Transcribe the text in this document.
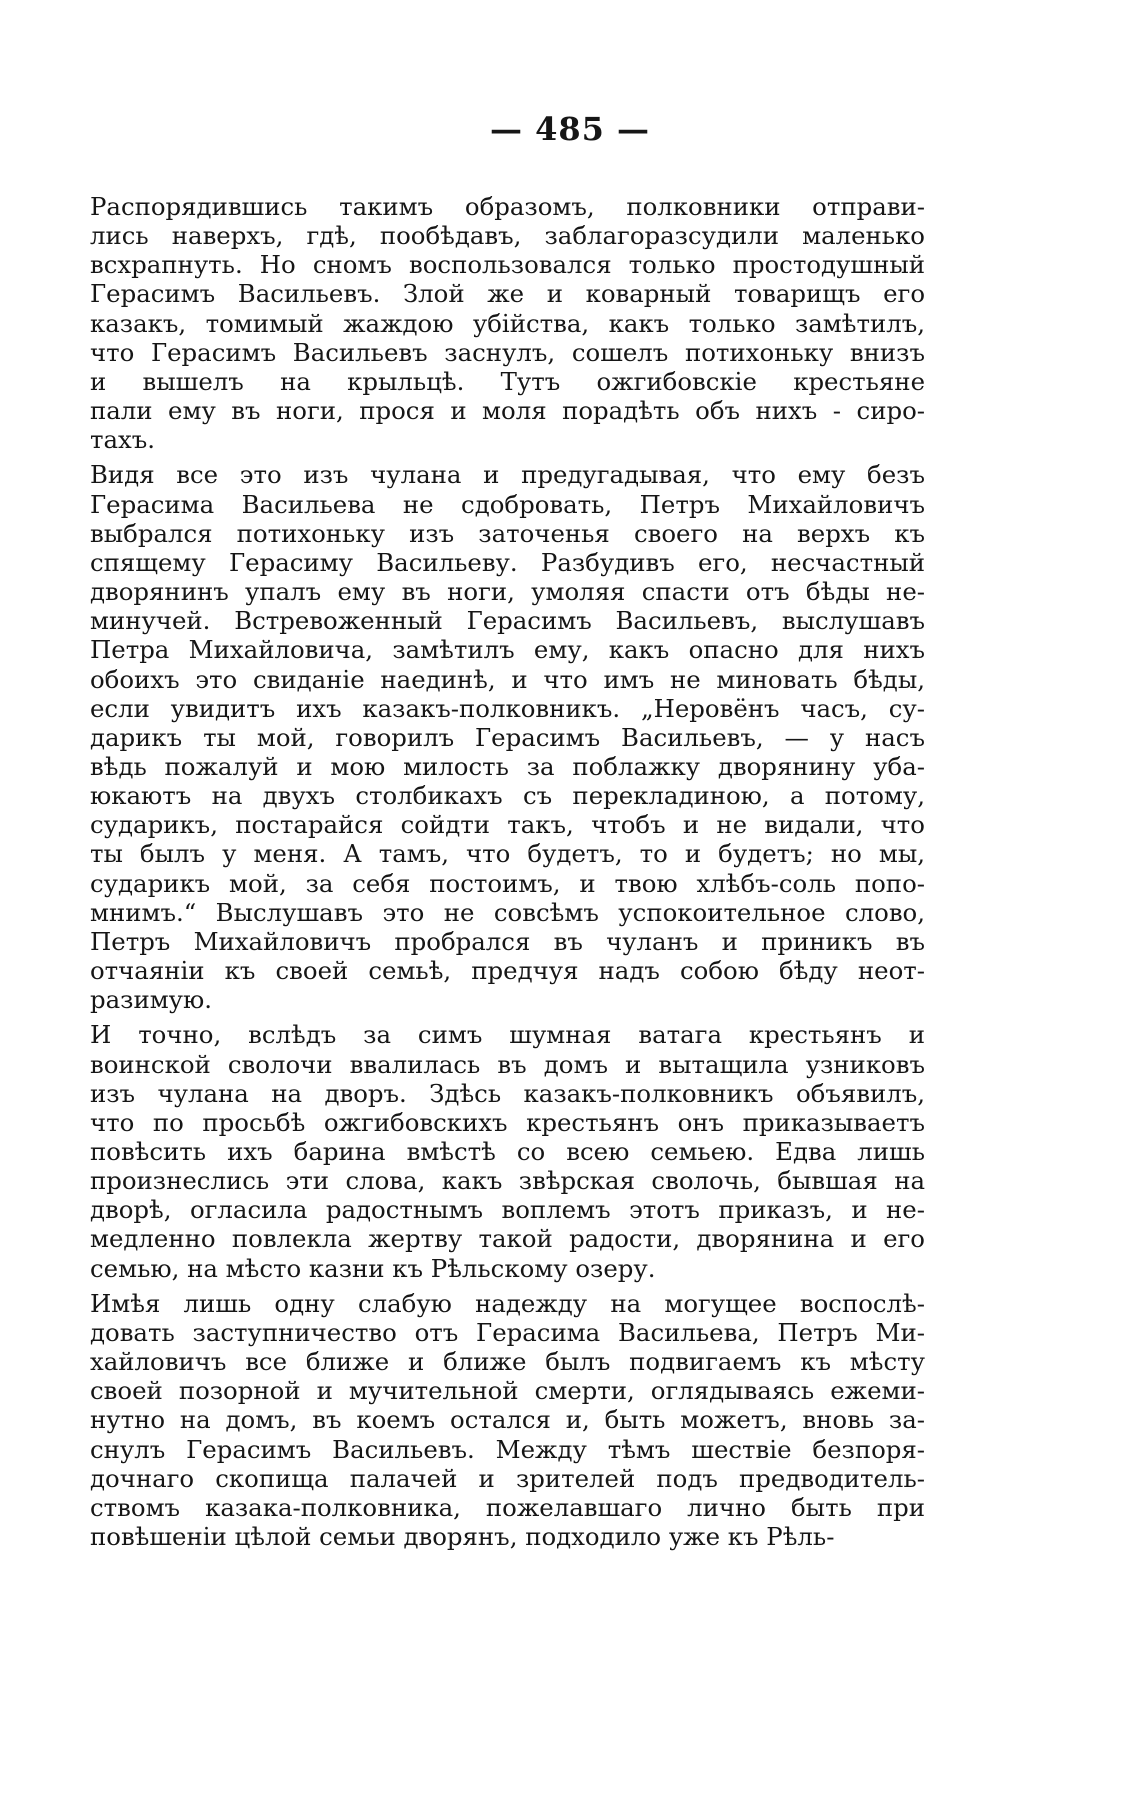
— 485 —
Распорядившись такимъ образомъ, полковники отправи-
лись наверхъ, гдѣ, пообѣдавъ, заблагоразсудили маленько
всхрапнуть. Но сномъ воспользовался только простодушный
Герасимъ Васильевъ. Злой же и коварный товарищъ его
казакъ, томимый жаждою убійства, какъ только замѣтилъ,
что Герасимъ Васильевъ заснулъ, сошелъ потихоньку внизъ
и вышелъ на крыльцѣ. Тутъ ожгибовскіе крестьяне
пали ему въ ноги, прося и моля порадѣть объ нихъ - сиро-
тахъ.
Видя все это изъ чулана и предугадывая, что ему безъ
Герасима Васильева не сдобровать, Петръ Михайловичъ
выбрался потихоньку изъ заточенья своего на верхъ къ
спящему Герасиму Васильеву. Разбудивъ его, несчастный
дворянинъ упалъ ему въ ноги, умоляя спасти отъ бѣды не-
минучей. Встревоженный Герасимъ Васильевъ, выслушавъ
Петра Михайловича, замѣтилъ ему, какъ опасно для нихъ
обоихъ это свиданіе наединѣ, и что имъ не миновать бѣды,
если увидитъ ихъ казакъ-полковникъ. „Неровёнъ часъ, су-
дарикъ ты мой, говорилъ Герасимъ Васильевъ, — у насъ
вѣдь пожалуй и мою милость за поблажку дворянину уба-
юкаютъ на двухъ столбикахъ съ перекладиною, а потому,
сударикъ, постарайся сойдти такъ, чтобъ и не видали, что
ты былъ у меня. А тамъ, что будетъ, то и будетъ; но мы,
сударикъ мой, за себя постоимъ, и твою хлѣбъ-соль попо-
мнимъ.“ Выслушавъ это не совсѣмъ успокоительное слово,
Петръ Михайловичъ пробрался въ чуланъ и приникъ въ
отчаяніи къ своей семьѣ, предчуя надъ собою бѣду неот-
разимую.
И точно, вслѣдъ за симъ шумная ватага крестьянъ и
воинской сволочи ввалилась въ домъ и вытащила узниковъ
изъ чулана на дворъ. Здѣсь казакъ-полковникъ объявилъ,
что по просьбѣ ожгибовскихъ крестьянъ онъ приказываетъ
повѣсить ихъ барина вмѣстѣ со всею семьею. Едва лишь
произнеслись эти слова, какъ звѣрская сволочь, бывшая на
дворѣ, огласила радостнымъ воплемъ этотъ приказъ, и не-
медленно повлекла жертву такой радости, дворянина и его
семью, на мѣсто казни къ Рѣльскому озеру.
Имѣя лишь одну слабую надежду на могущее воспослѣ-
довать заступничество отъ Герасима Васильева, Петръ Ми-
хайловичъ все ближе и ближе былъ подвигаемъ къ мѣсту
своей позорной и мучительной смерти, оглядываясь ежеми-
нутно на домъ, въ коемъ остался и, быть можетъ, вновь за-
снулъ Герасимъ Васильевъ. Между тѣмъ шествіе безпоря-
дочнаго скопища палачей и зрителей подъ предводитель-
ствомъ казака-полковника, пожелавшаго лично быть при
повѣшеніи цѣлой семьи дворянъ, подходило уже къ Рѣль-
